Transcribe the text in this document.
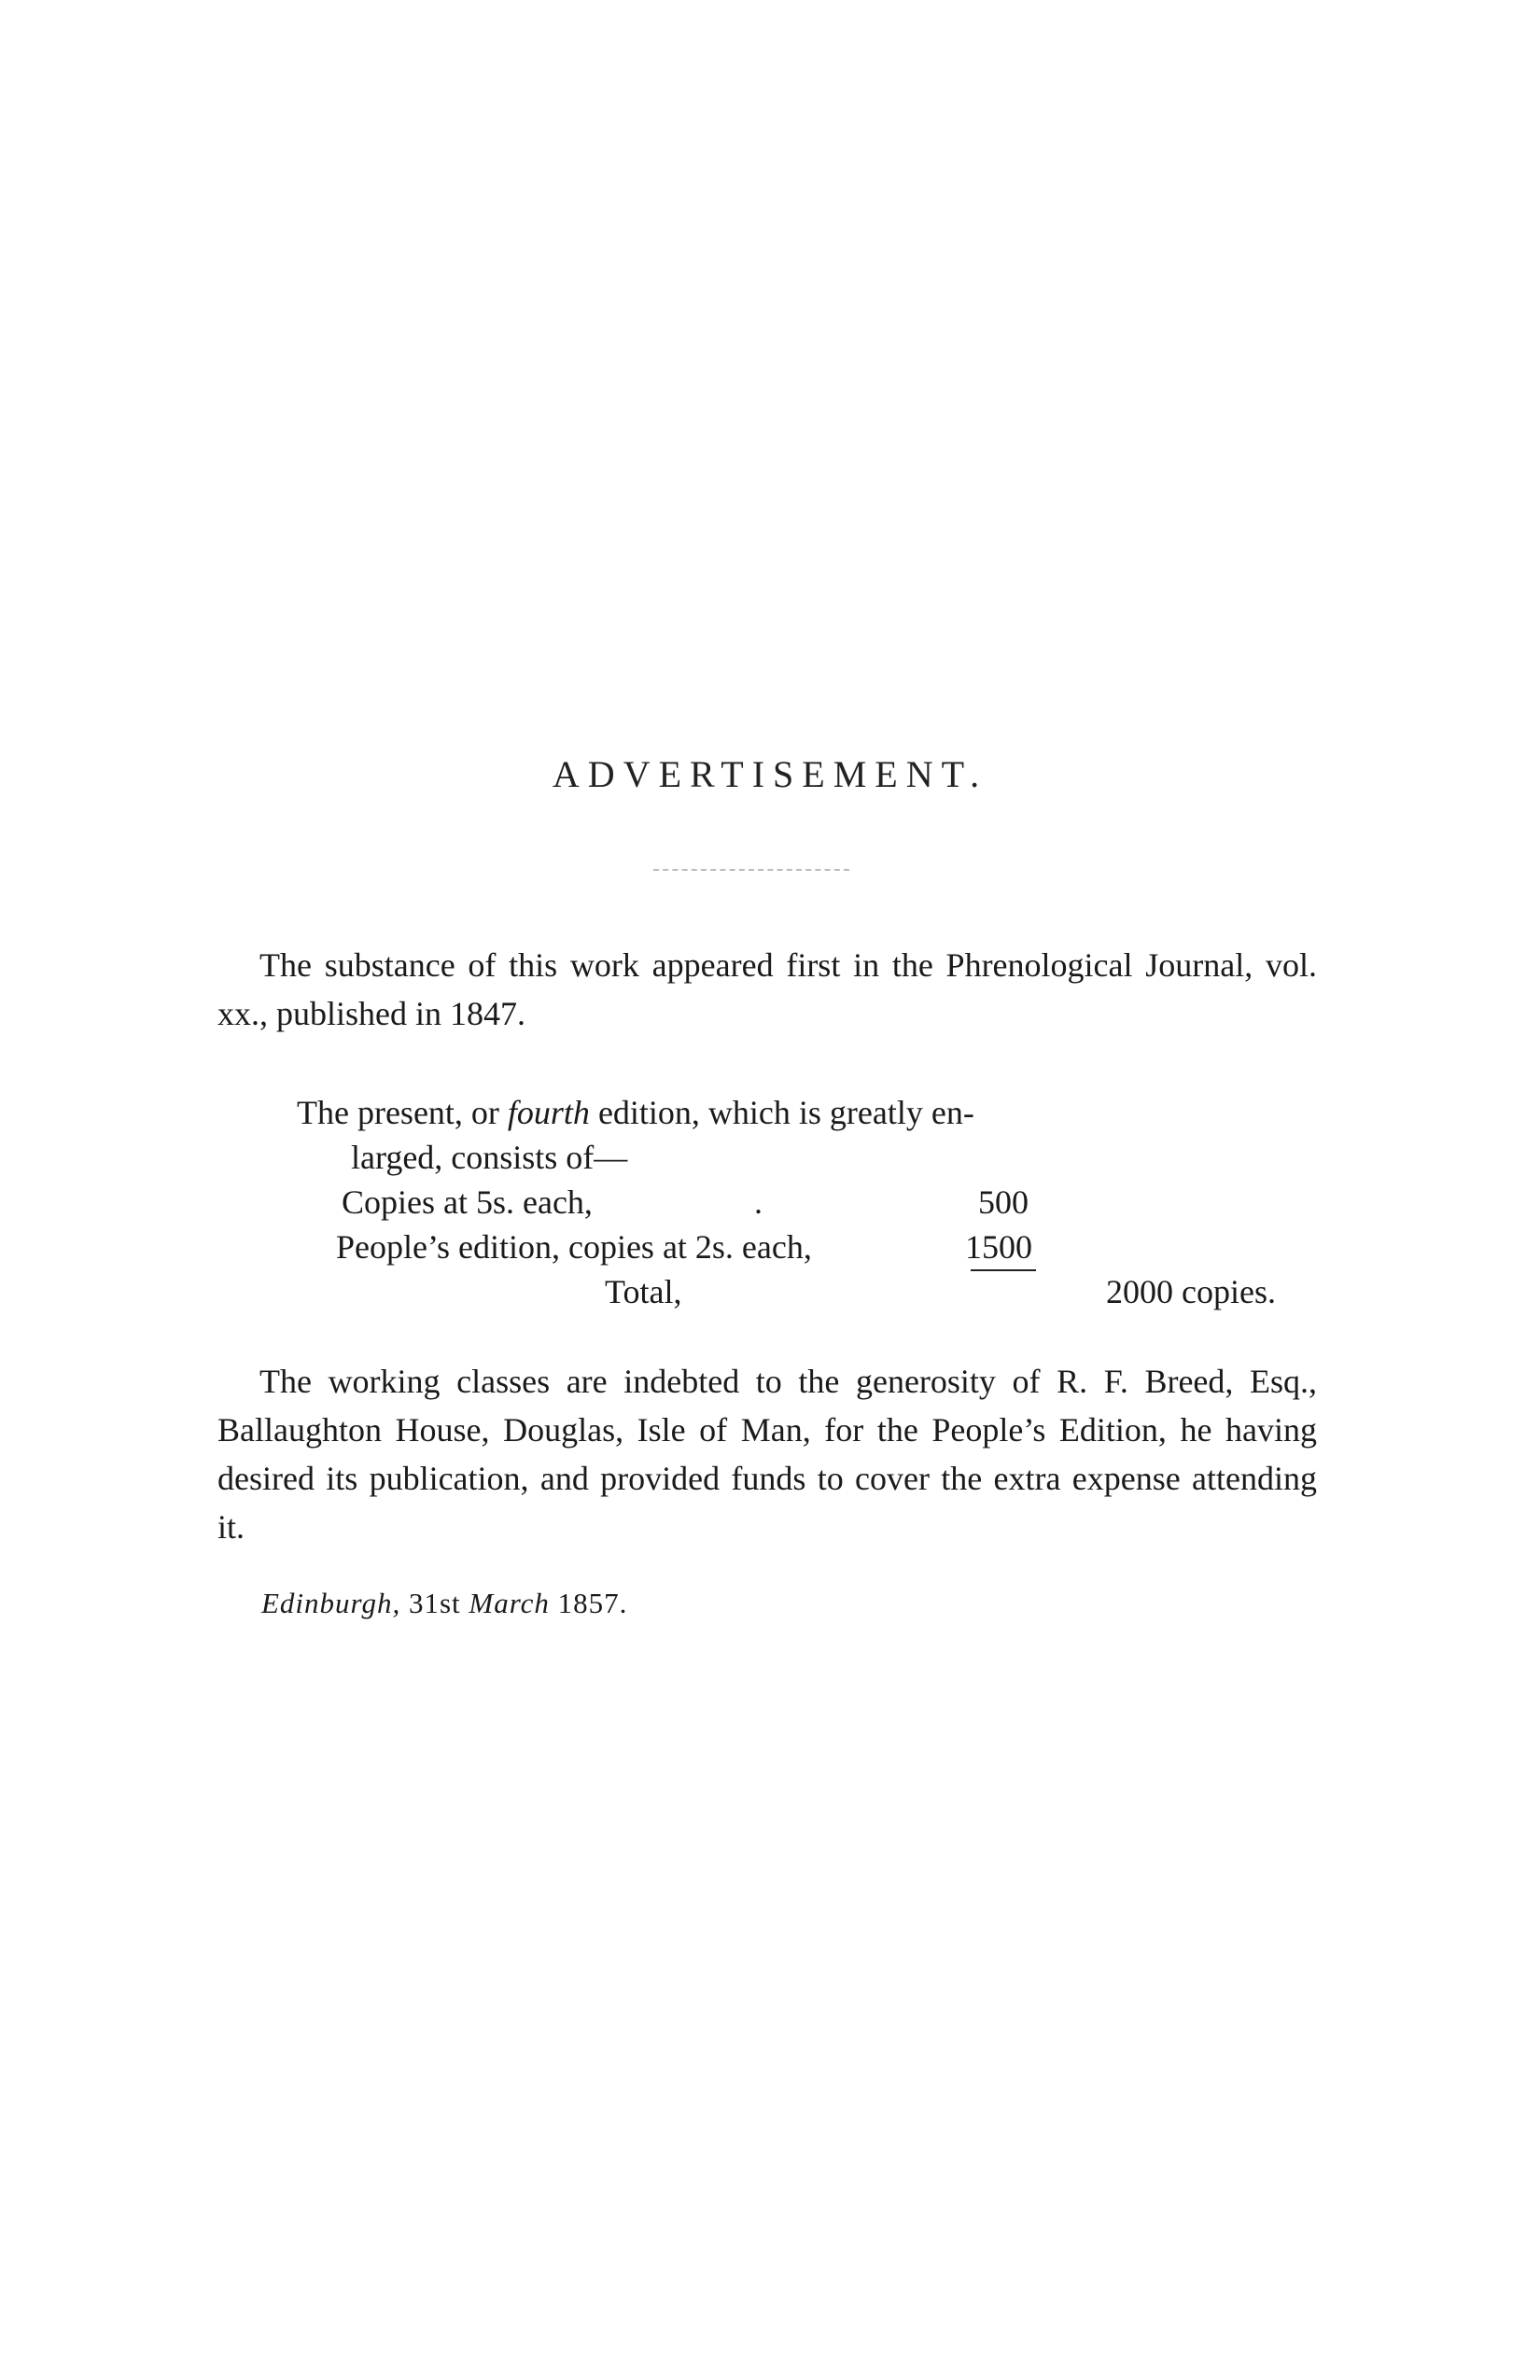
ADVERTISEMENT.

The substance of this work appeared first in the Phrenological Journal, vol. xx., published in 1847.

The present, or fourth edition, which is greatly en-
larged, consists of—

Copies at 5s. each,	.	500
People’s edition, copies at 2s. each,	1500
Total,	2000 copies.

The working classes are indebted to the generosity of R. F. Breed, Esq., Ballaughton House, Douglas, Isle of Man, for the People’s Edition, he having desired its publication, and provided funds to cover the extra expense attending it.

Edinburgh, 31st March 1857.
